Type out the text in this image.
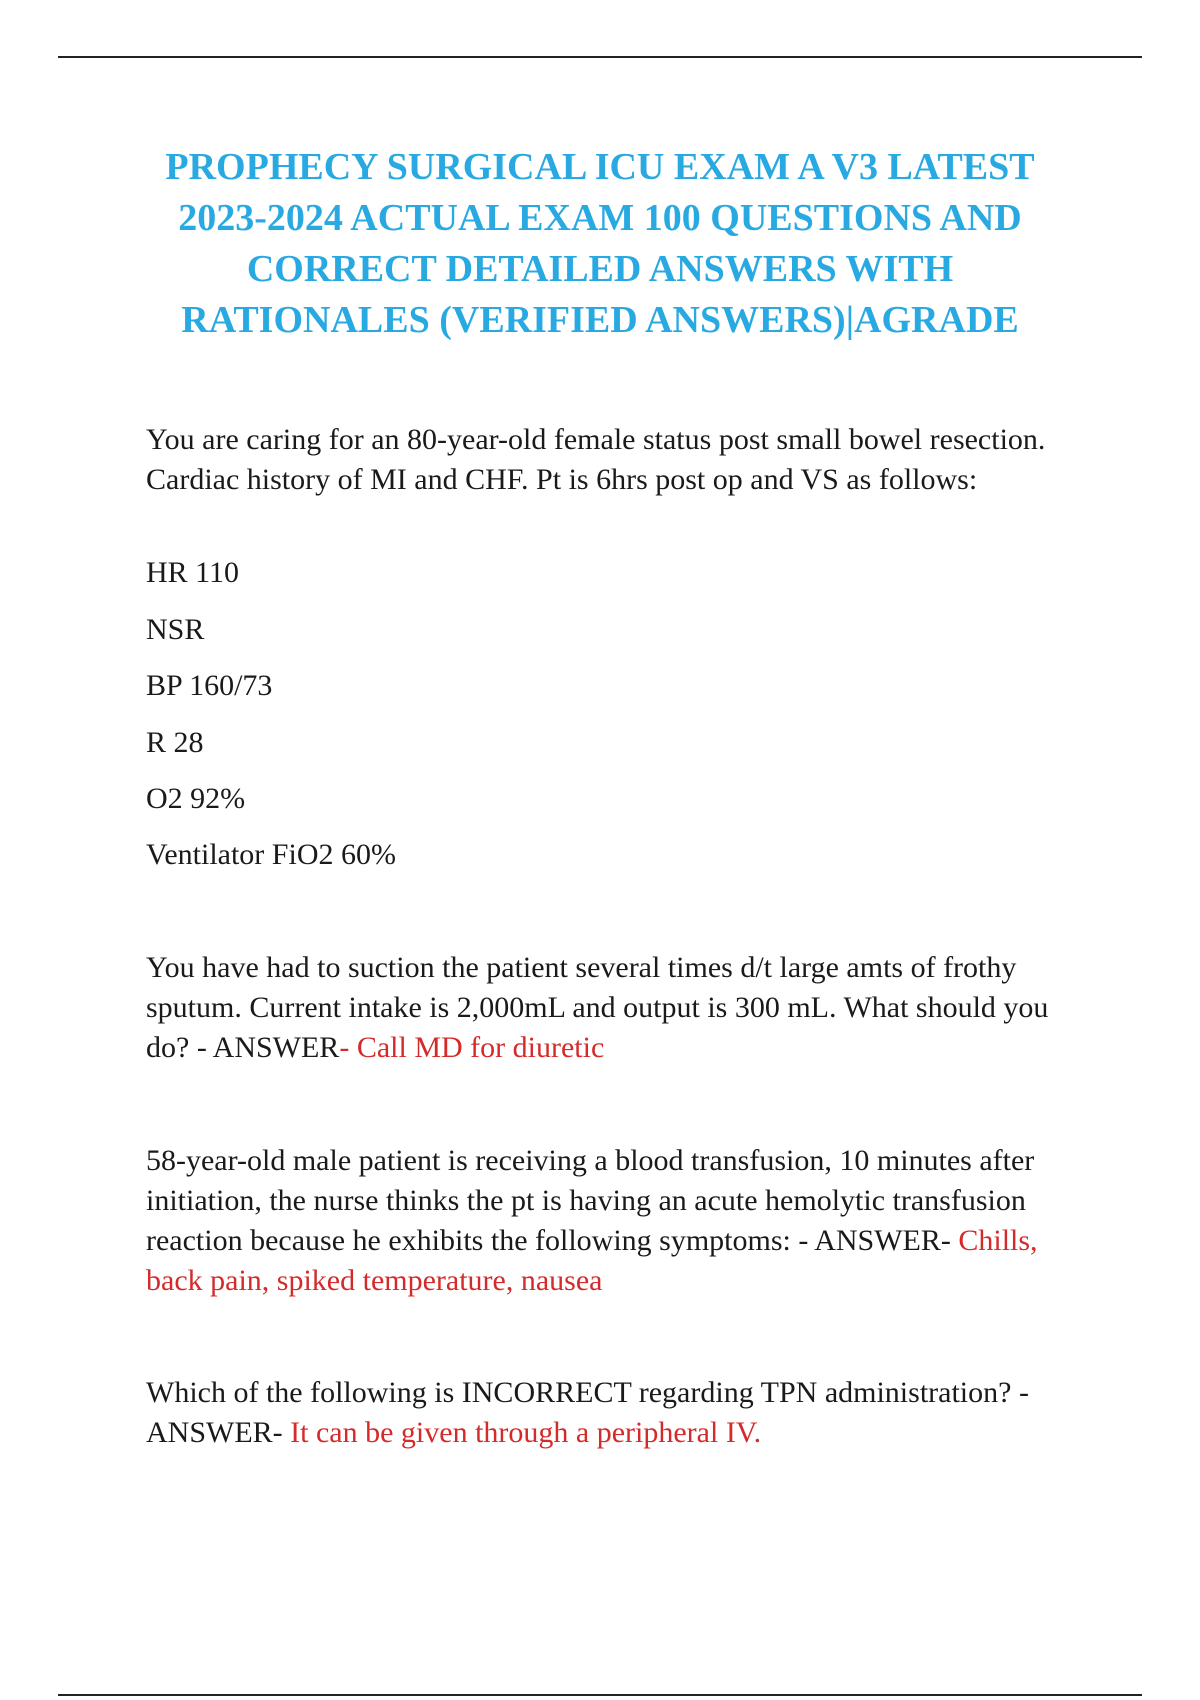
PROPHECY SURGICAL ICU EXAM A V3 LATEST
2023-2024 ACTUAL EXAM 100 QUESTIONS AND
CORRECT DETAILED ANSWERS WITH
RATIONALES (VERIFIED ANSWERS)|AGRADE

You are caring for an 80-year-old female status post small bowel resection. Cardiac history of MI and CHF. Pt is 6hrs post op and VS as follows:

HR 110

NSR

BP 160/73

R 28

O2 92%

Ventilator FiO2 60%

You have had to suction the patient several times d/t large amts of frothy sputum. Current intake is 2,000mL and output is 300 mL. What should you do? - ANSWER- Call MD for diuretic

58-year-old male patient is receiving a blood transfusion, 10 minutes after initiation, the nurse thinks the pt is having an acute hemolytic transfusion reaction because he exhibits the following symptoms: - ANSWER- Chills, back pain, spiked temperature, nausea

Which of the following is INCORRECT regarding TPN administration? - ANSWER- It can be given through a peripheral IV.
